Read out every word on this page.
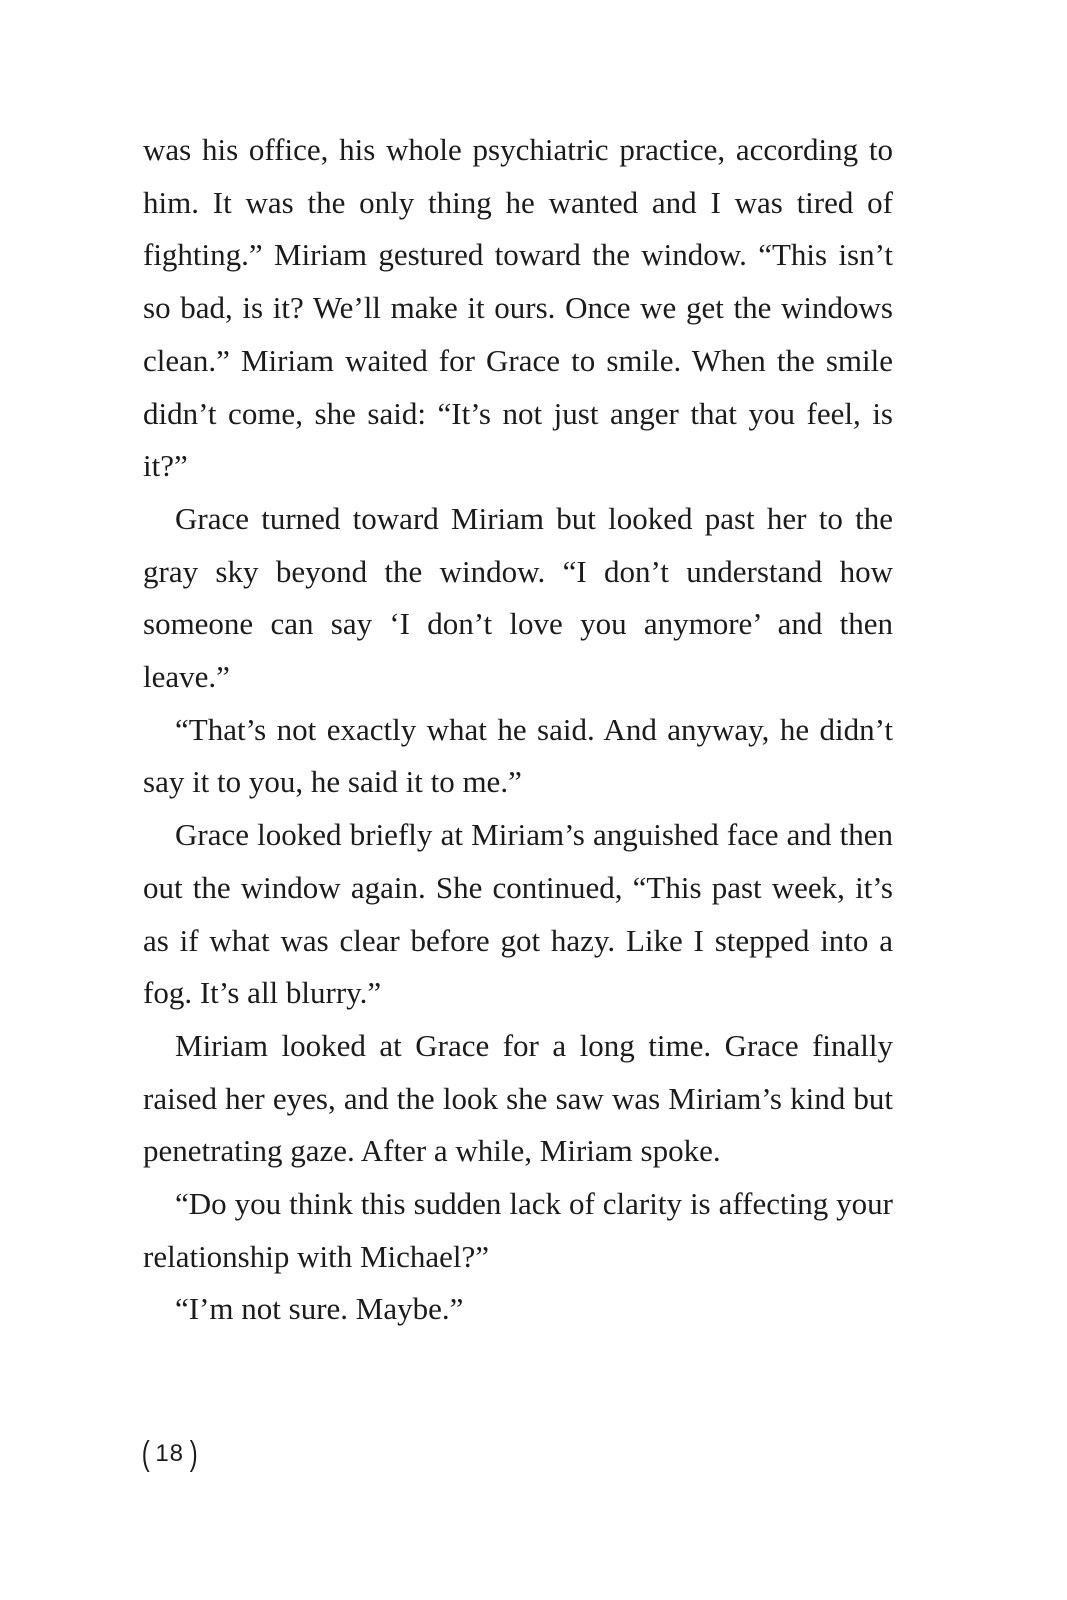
was his office, his whole psychiatric practice, according to him. It was the only thing he wanted and I was tired of fighting.” Miriam gestured toward the window. “This isn’t so bad, is it? We’ll make it ours. Once we get the windows clean.” Miriam waited for Grace to smile. When the smile didn’t come, she said: “It’s not just anger that you feel, is it?”

Grace turned toward Miriam but looked past her to the gray sky beyond the window. “I don’t understand how someone can say ‘I don’t love you anymore’ and then leave.”

“That’s not exactly what he said. And anyway, he didn’t say it to you, he said it to me.”

Grace looked briefly at Miriam’s anguished face and then out the window again. She continued, “This past week, it’s as if what was clear before got hazy. Like I stepped into a fog. It’s all blurry.”

Miriam looked at Grace for a long time. Grace finally raised her eyes, and the look she saw was Miriam’s kind but penetrating gaze. After a while, Miriam spoke.

“Do you think this sudden lack of clarity is affecting your relationship with Michael?”

“I’m not sure. Maybe.”

( 18 )
